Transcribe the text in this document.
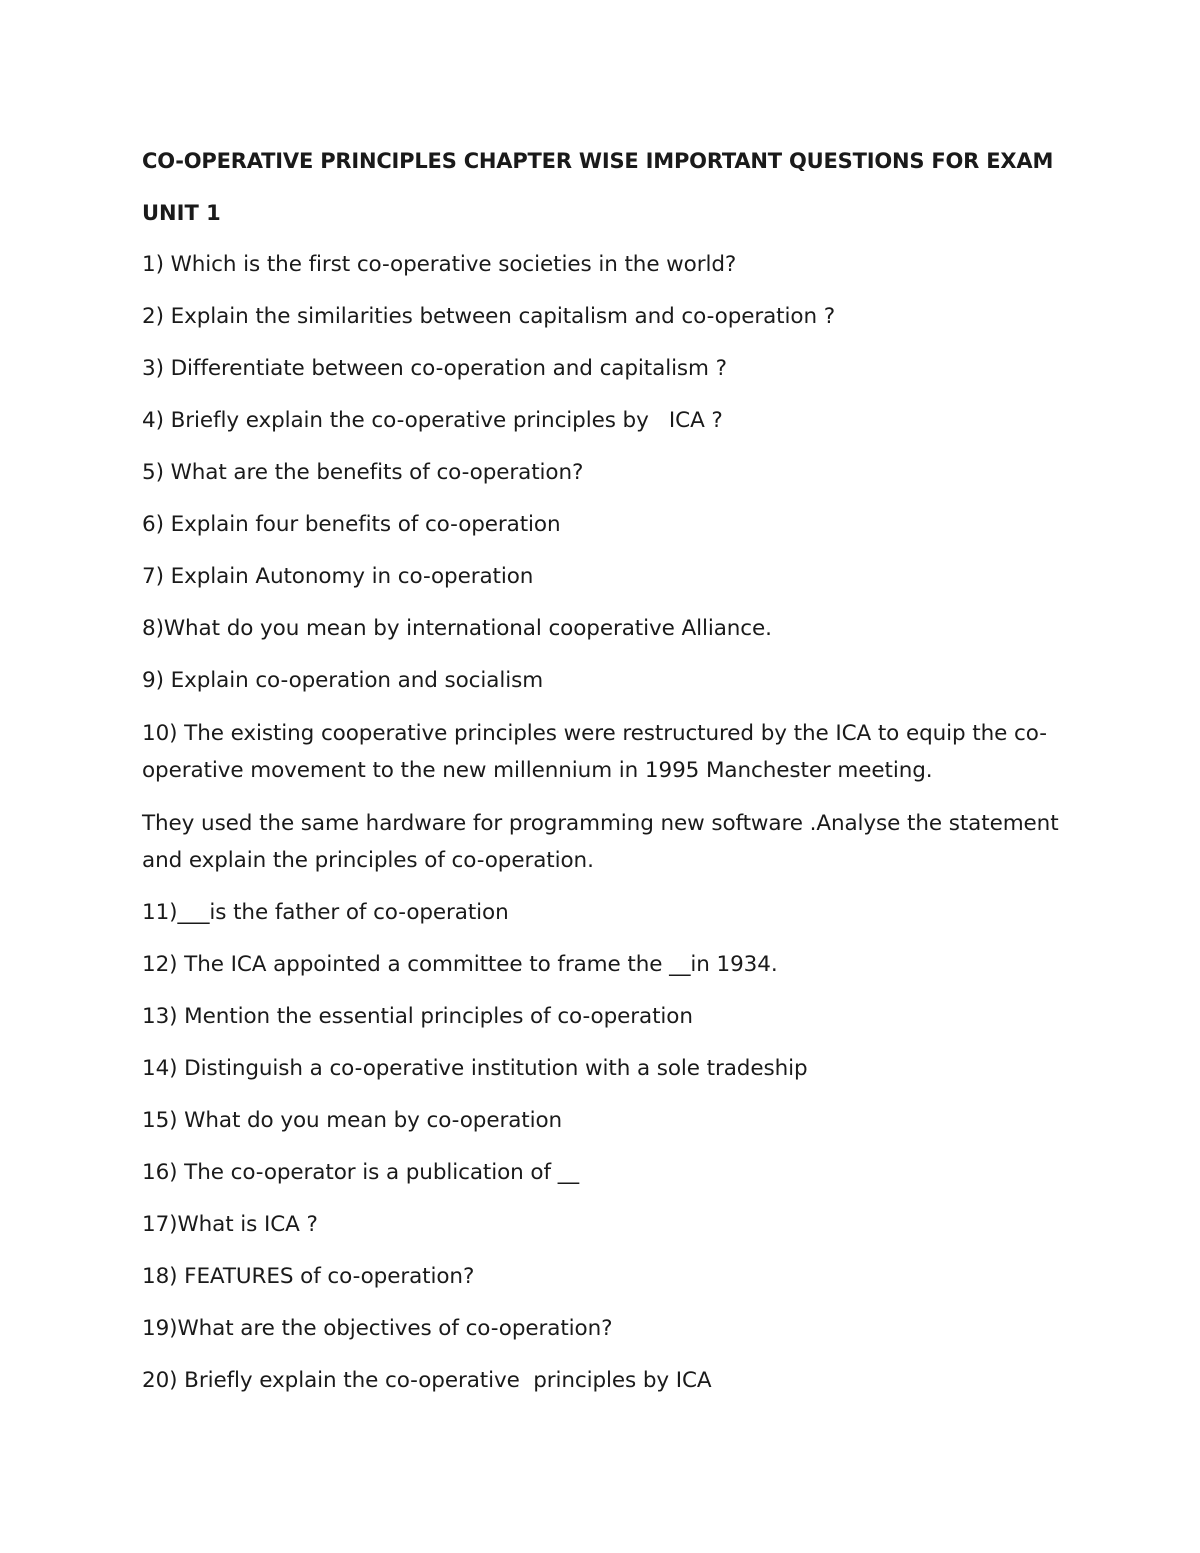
CO-OPERATIVE PRINCIPLES CHAPTER WISE IMPORTANT QUESTIONS FOR EXAM

UNIT 1

1) Which is the first co-operative societies in the world?

2) Explain the similarities between capitalism and co-operation ?

3) Differentiate between co-operation and capitalism ?

4) Briefly explain the co-operative principles by   ICA ?

5) What are the benefits of co-operation?

6) Explain four benefits of co-operation

7) Explain Autonomy in co-operation

8)What do you mean by international cooperative Alliance.

9) Explain co-operation and socialism

10) The existing cooperative principles were restructured by the ICA to equip the co-operative movement to the new millennium in 1995 Manchester meeting.

They used the same hardware for programming new software .Analyse the statement and explain the principles of co-operation.

11)___is the father of co-operation

12) The ICA appointed a committee to frame the __in 1934.

13) Mention the essential principles of co-operation

14) Distinguish a co-operative institution with a sole tradeship

15) What do you mean by co-operation

16) The co-operator is a publication of __

17)What is ICA ?

18) FEATURES of co-operation?

19)What are the objectives of co-operation?

20) Briefly explain the co-operative  principles by ICA
